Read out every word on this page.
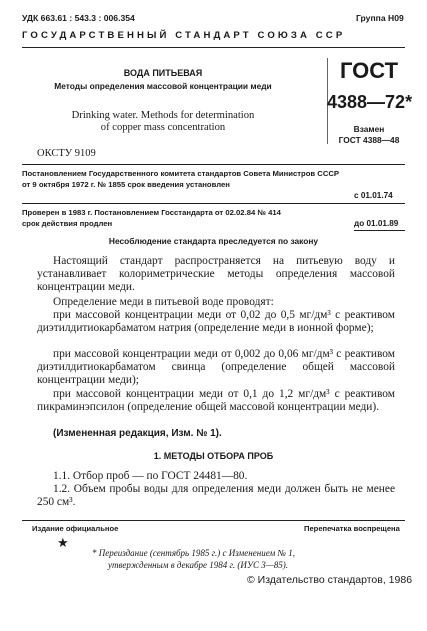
УДК 663.61 : 543.3 : 006.354	Группа Н09
ГОСУДАРСТВЕННЫЙ СТАНДАРТ СОЮЗА ССР
ВОДА ПИТЬЕВАЯ
Методы определения массовой концентрации меди
Drinking water. Methods for determination
of copper mass concentration
ГОСТ
4388—72*
Взамен
ГОСТ 4388—48
ОКСТУ 9109
Постановлением Государственного комитета стандартов Совета Министров СССР
от 9 октября 1972 г. № 1855 срок введения установлен
с 01.01.74
Проверен в 1983 г. Постановлением Госстандарта от 02.02.84 № 414
срок действия продлен	до 01.01.89
Несоблюдение стандарта преследуется по закону
Настоящий стандарт распространяется на питьевую воду и устанавливает колориметрические методы определения массовой концентрации меди.
Определение меди в питьевой воде проводят:
при массовой концентрации меди от 0,02 до 0,5 мг/дм³ с реактивом диэтилдитиокарбаматом натрия (определение меди в ионной форме);
при массовой концентрации меди от 0,002 до 0,06 мг/дм³ с реактивом диэтилдитиокарбаматом свинца (определение общей массовой концентрации меди);
при массовой концентрации меди от 0,1 до 1,2 мг/дм³ с реактивом пикраминэпсилон (определение общей массовой концентрации меди).
(Измененная редакция, Изм. № 1).
1. МЕТОДЫ ОТБОРА ПРОБ
1.1. Отбор проб — по ГОСТ 24481—80.
1.2. Объем пробы воды для определения меди должен быть не менее 250 см³.
Издание официальное	Перепечатка воспрещена
★
* Переиздание (сентябрь 1985 г.) с Изменением № 1,
утвержденным в декабре 1984 г. (ИУС 3—85).
© Издательство стандартов, 1986
